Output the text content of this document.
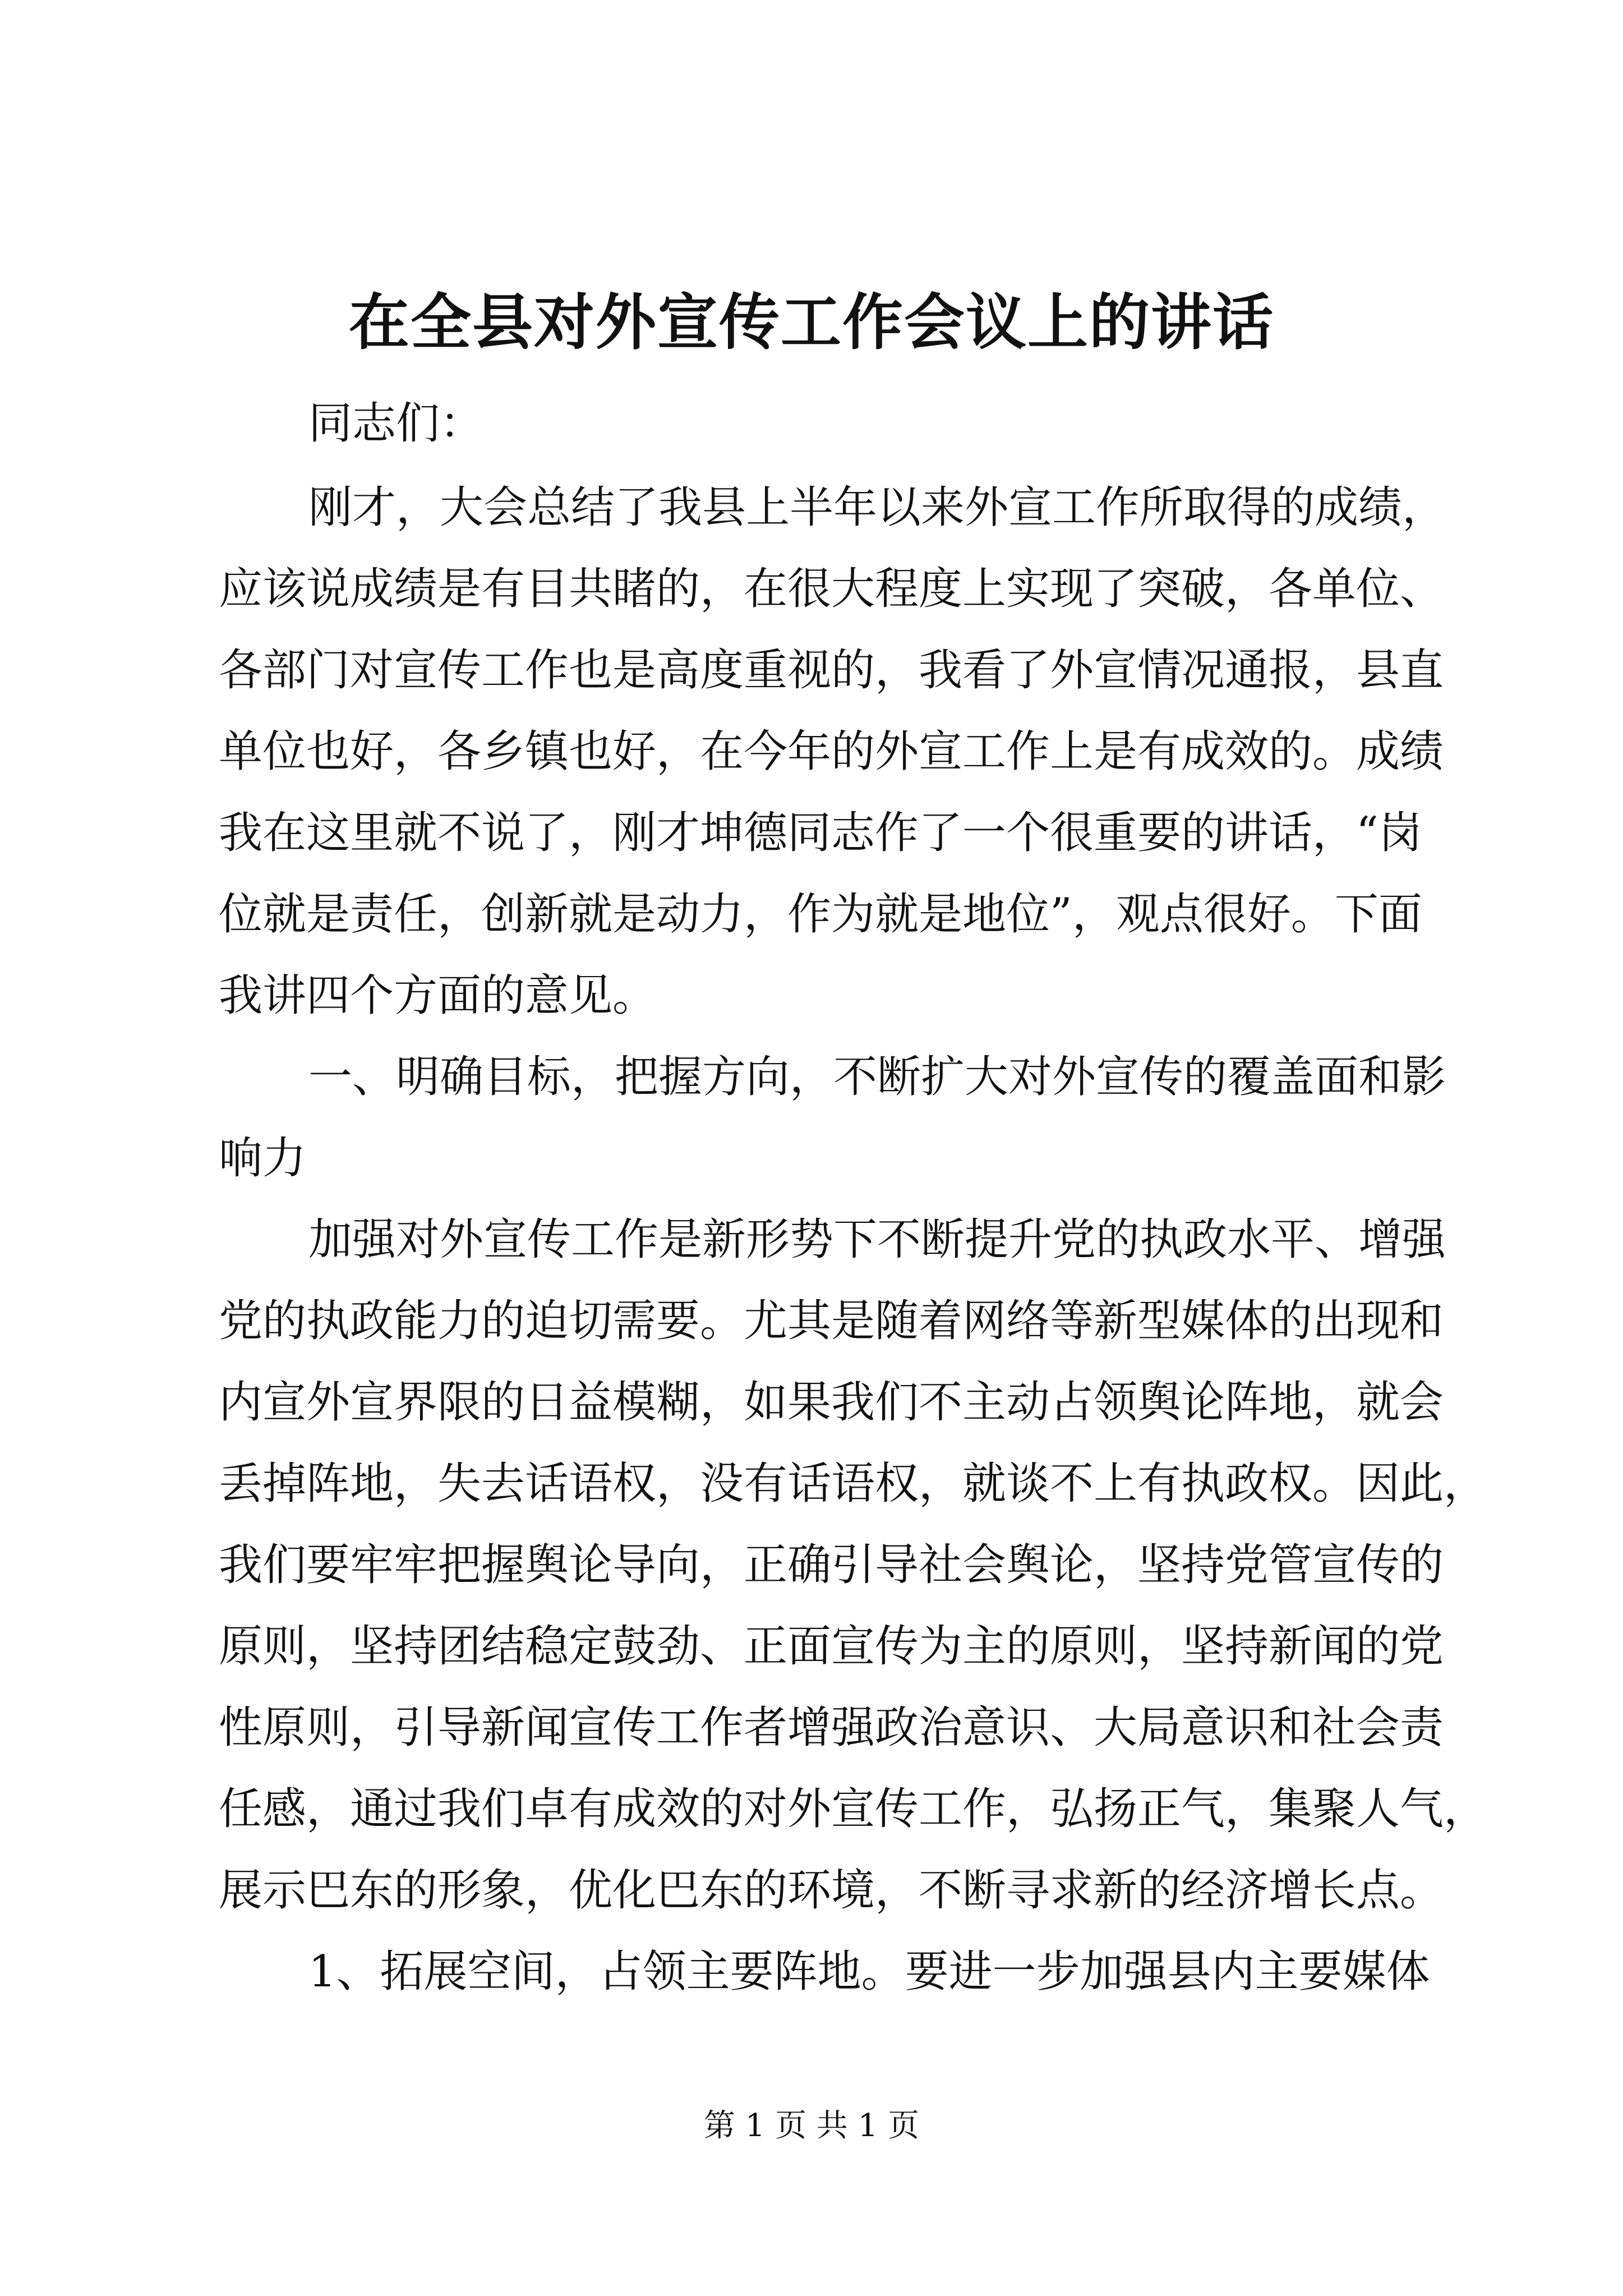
在全县对外宣传工作会议上的讲话
同志们：
刚才，大会总结了我县上半年以来外宣工作所取得的成绩，
应该说成绩是有目共睹的，在很大程度上实现了突破，各单位、
各部门对宣传工作也是高度重视的，我看了外宣情况通报，县直
单位也好，各乡镇也好，在今年的外宣工作上是有成效的。成绩
我在这里就不说了，刚才坤德同志作了一个很重要的讲话，“岗
位就是责任，创新就是动力，作为就是地位”，观点很好。下面
我讲四个方面的意见。
一、明确目标，把握方向，不断扩大对外宣传的覆盖面和影
响力
加强对外宣传工作是新形势下不断提升党的执政水平、增强
党的执政能力的迫切需要。尤其是随着网络等新型媒体的出现和
内宣外宣界限的日益模糊，如果我们不主动占领舆论阵地，就会
丢掉阵地，失去话语权，没有话语权，就谈不上有执政权。因此，
我们要牢牢把握舆论导向，正确引导社会舆论，坚持党管宣传的
原则，坚持团结稳定鼓劲、正面宣传为主的原则，坚持新闻的党
性原则，引导新闻宣传工作者增强政治意识、大局意识和社会责
任感，通过我们卓有成效的对外宣传工作，弘扬正气，集聚人气，
展示巴东的形象，优化巴东的环境，不断寻求新的经济增长点。
1、拓展空间，占领主要阵地。要进一步加强县内主要媒体
第 1 页 共 1 页
